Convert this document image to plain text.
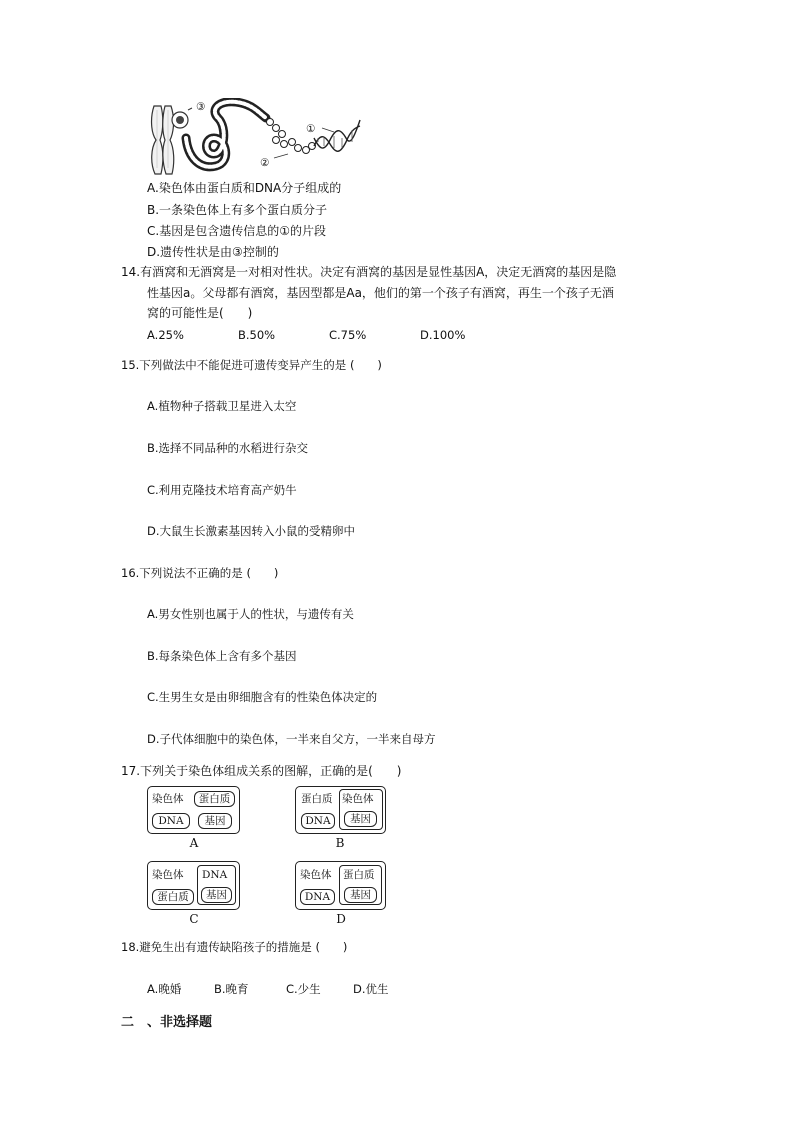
③
①
②
A.染色体由蛋白质和DNA分子组成的
B.一条染色体上有多个蛋白质分子
C.基因是包含遗传信息的①的片段
D.遗传性状是由③控制的
14.有酒窝和无酒窝是一对相对性状。决定有酒窝的基因是显性基因A，决定无酒窝的基因是隐
性基因a。父母都有酒窝，基因型都是Aa，他们的第一个孩子有酒窝，再生一个孩子无酒
窝的可能性是(　　)
A.25%	B.50%	C.75%	D.100%
15.下列做法中不能促进可遗传变异产生的是 (　　)
A.植物种子搭载卫星进入太空
B.选择不同品种的水稻进行杂交
C.利用克隆技术培育高产奶牛
D.大鼠生长激素基因转入小鼠的受精卵中
16.下列说法不正确的是 (　　)
A.男女性别也属于人的性状，与遗传有关
B.每条染色体上含有多个基因
C.生男生女是由卵细胞含有的性染色体决定的
D.子代体细胞中的染色体，一半来自父方，一半来自母方
17.下列关于染色体组成关系的图解，正确的是(　　)
染色体	蛋白质
DNA	基因
A
蛋白质 染色体
基因
DNA
B
染色体
蛋白质
DNA
基因
C
染色体
DNA
蛋白质
基因
D
18.避免生出有遗传缺陷孩子的措施是 (　　)
A.晚婚	B.晚育	C.少生	D.优生
二　、非选择题
